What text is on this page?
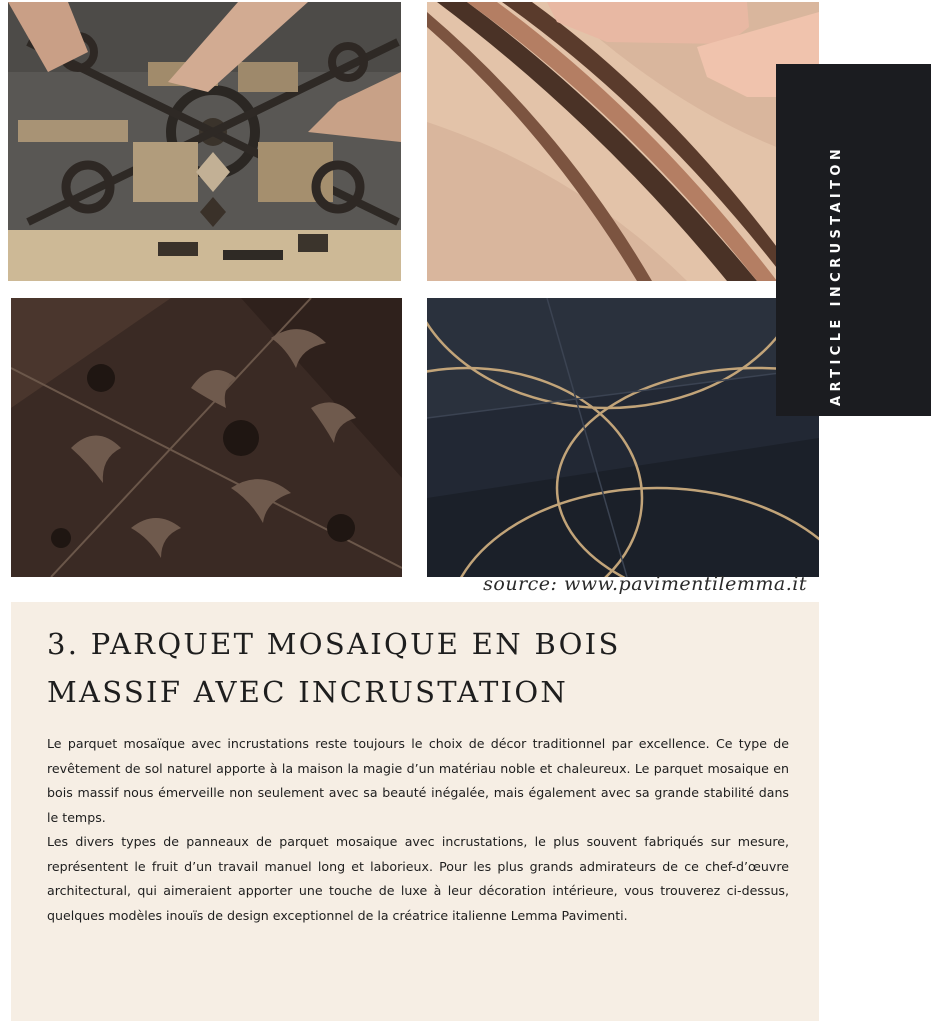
ARTICLE INCRUSTAITON
source: www.pavimentilemma.it
3. PARQUET MOSAIQUE EN BOIS
MASSIF AVEC INCRUSTATION

Le parquet mosaïque avec incrustations reste toujours le choix de décor traditionnel par excellence. Ce type de revêtement de sol naturel apporte à la maison la magie d’un matériau noble et chaleureux. Le parquet mosaique en bois massif nous émerveille non seulement avec sa beauté inégalée, mais également avec sa grande stabilité dans le temps.

Les divers types de panneaux de parquet mosaique avec incrustations, le plus souvent fabriqués sur mesure, représentent le fruit d’un travail manuel long et laborieux. Pour les plus grands admirateurs de ce chef-d’œuvre architectural, qui aimeraient apporter une touche de luxe à leur décoration intérieure, vous trouverez ci-dessus, quelques modèles inouïs de design exceptionnel de la créatrice italienne Lemma Pavimenti.
